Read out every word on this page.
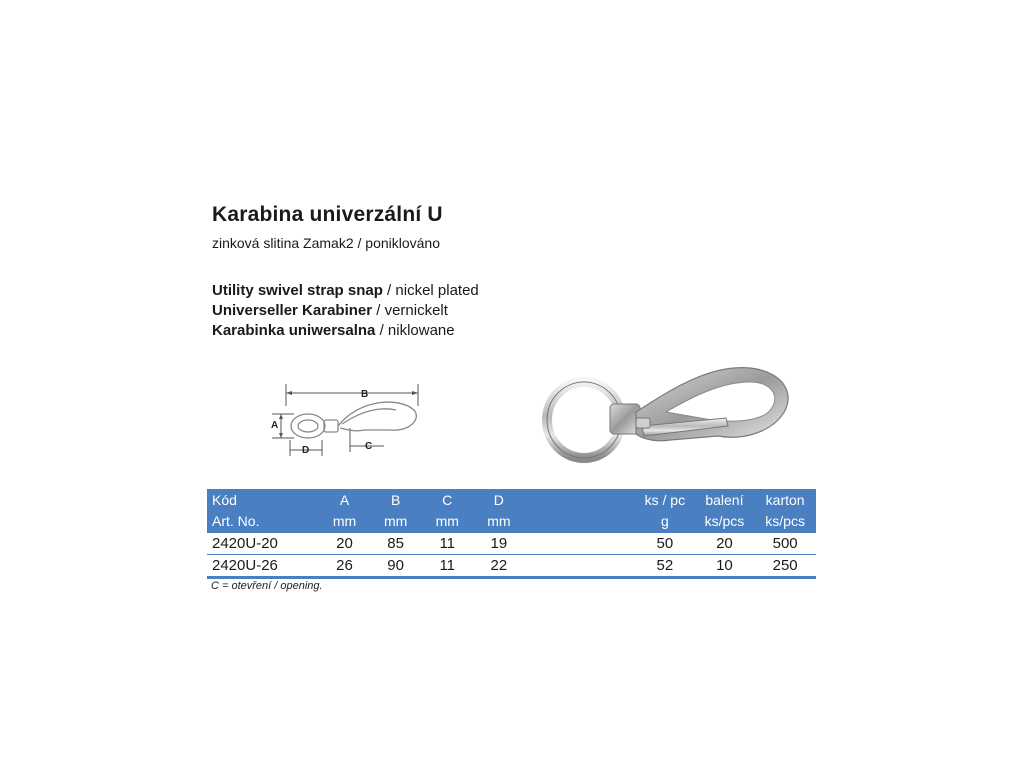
Karabina univerzální U
zinková slitina Zamak2 / poniklováno
Utility swivel strap snap / nickel plated
Universeller Karabiner / vernickelt
Karabinka uniwersalna / niklowane
B
A
D	C
Kód	A	B	C	D		ks / pc	balení	karton
Art. No.	mm	mm	mm	mm		g	ks/pcs	ks/pcs
2420U-20	20	85	11	19		50	20	500
2420U-26	26	90	11	22		52	10	250
C = otevření / opening.
